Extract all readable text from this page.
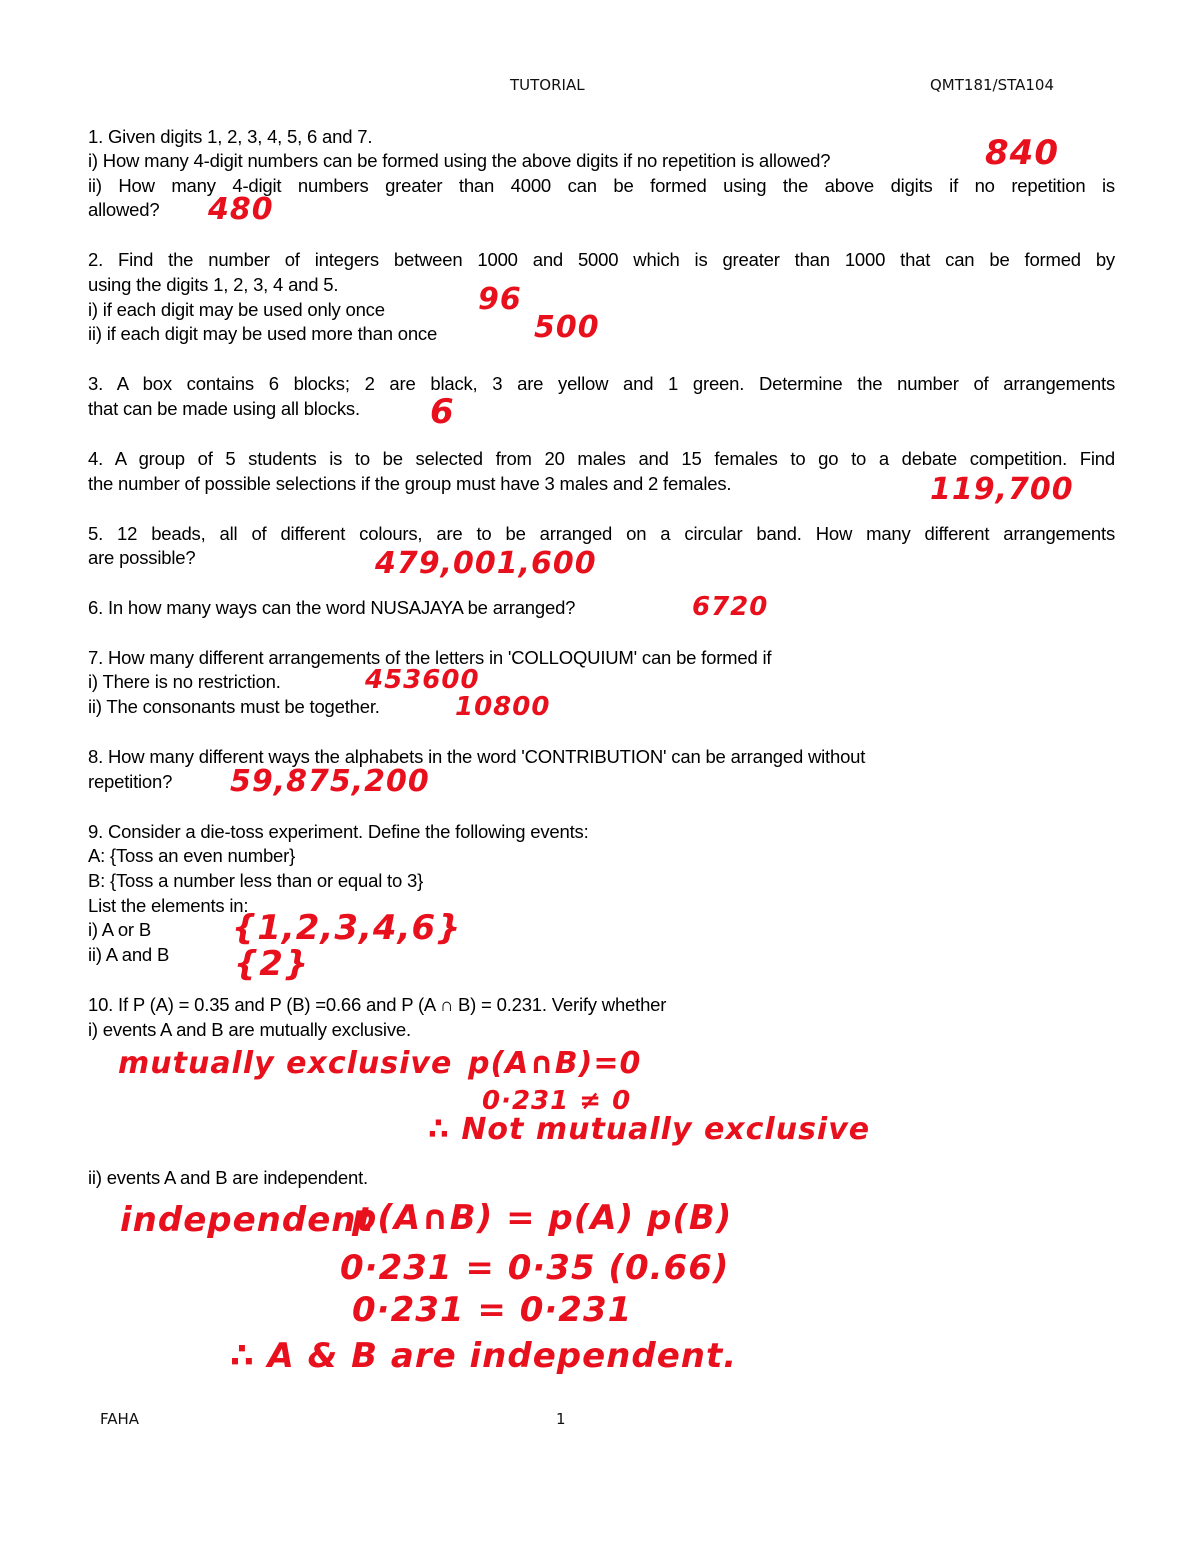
TUTORIAL	QMT181/STA104
1. Given digits 1, 2, 3, 4, 5, 6 and 7.
i) How many 4-digit numbers can be formed using the above digits if no repetition is allowed?	840
ii) How many 4-digit numbers greater than 4000 can be formed using the above digits if no repetition is
allowed? 480
2. Find the number of integers between 1000 and 5000 which is greater than 1000 that can be formed by
using the digits 1, 2, 3, 4 and 5.
i) if each digit may be used only once	96
ii) if each digit may be used more than once	500
3. A box contains 6 blocks; 2 are black, 3 are yellow and 1 green. Determine the number of arrangements
that can be made using all blocks. 6
4. A group of 5 students is to be selected from 20 males and 15 females to go to a debate competition. Find
the number of possible selections if the group must have 3 males and 2 females.	119,700
5. 12 beads, all of different colours, are to be arranged on a circular band. How many different arrangements
are possible?	479,001,600
6. In how many ways can the word NUSAJAYA be arranged?	6720
7. How many different arrangements of the letters in 'COLLOQUIUM' can be formed if
i) There is no restriction.	453600
ii) The consonants must be together.	10800
8. How many different ways the alphabets in the word 'CONTRIBUTION' can be arranged without
repetition? 59,875,200
9. Consider a die-toss experiment. Define the following events:
A: {Toss an even number}
B: {Toss a number less than or equal to 3}
List the elements in:
i) A or B {1,2,3,4,6}
ii) A and B {2}
10. If P (A) = 0.35 and P (B) =0.66 and P (A ∩ B) = 0.231. Verify whether
i) events A and B are mutually exclusive.
mutually exclusive p(A∩B)=0
0·231 ≠ 0
∴ Not mutually exclusive
ii) events A and B are independent.
independent
p(A∩B) = p(A) p(B)
0·231 = 0·35 (0.66)
0·231 = 0·231
∴ A & B are independent.
FAHA	1
